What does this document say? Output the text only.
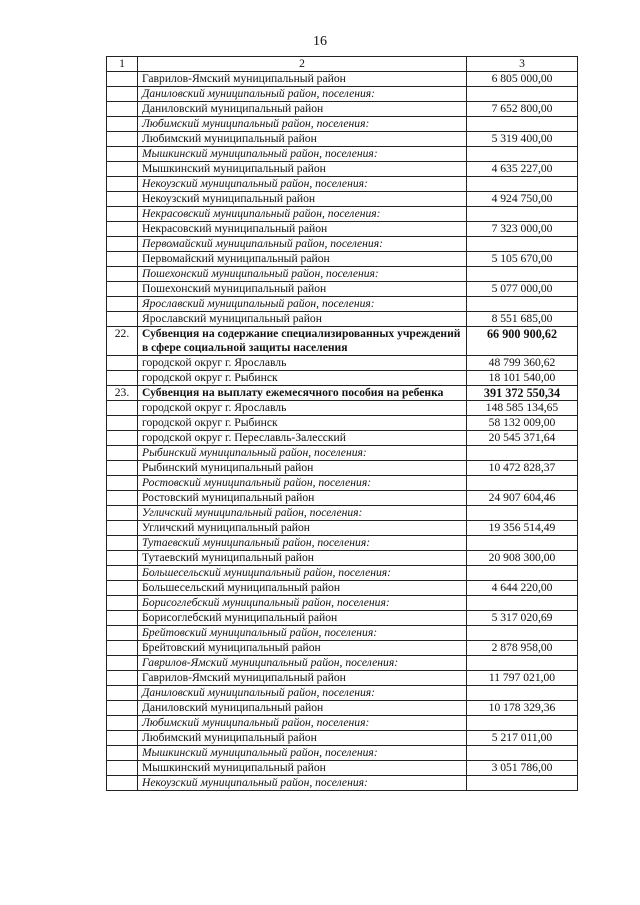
16
1	2	3
	Гаврилов-Ямский муниципальный район	6 805 000,00
	Даниловский муниципальный район, поселения:	
	Даниловский муниципальный район	7 652 800,00
	Любимский муниципальный район, поселения:	
	Любимский муниципальный район	5 319 400,00
	Мышкинский муниципальный район, поселения:	
	Мышкинский муниципальный район	4 635 227,00
	Некоузский муниципальный район, поселения:	
	Некоузский муниципальный район	4 924 750,00
	Некрасовский муниципальный район, поселения:	
	Некрасовский муниципальный район	7 323 000,00
	Первомайский муниципальный район, поселения:	
	Первомайский муниципальный район	5 105 670,00
	Пошехонский муниципальный район, поселения:	
	Пошехонский муниципальный район	5 077 000,00
	Ярославский муниципальный район, поселения:	
	Ярославский муниципальный район	8 551 685,00
22.	Субвенция на содержание специализированных учреждений в сфере социальной защиты населения	66 900 900,62
	городской округ г. Ярославль	48 799 360,62
	городской округ г. Рыбинск	18 101 540,00
23.	Субвенция на выплату ежемесячного пособия на ребенка	391 372 550,34
	городской округ г. Ярославль	148 585 134,65
	городской округ г. Рыбинск	58 132 009,00
	городской округ г. Переславль-Залесский	20 545 371,64
	Рыбинский муниципальный район, поселения:	
	Рыбинский муниципальный район	10 472 828,37
	Ростовский муниципальный район, поселения:	
	Ростовский муниципальный район	24 907 604,46
	Угличский муниципальный район, поселения:	
	Угличский муниципальный район	19 356 514,49
	Тутаевский муниципальный район, поселения:	
	Тутаевский муниципальный район	20 908 300,00
	Большесельский муниципальный район, поселения:	
	Большесельский муниципальный район	4 644 220,00
	Борисоглебский муниципальный район, поселения:	
	Борисоглебский муниципальный район	5 317 020,69
	Брейтовский муниципальный район, поселения:	
	Брейтовский муниципальный район	2 878 958,00
	Гаврилов-Ямский муниципальный район, поселения:	
	Гаврилов-Ямский муниципальный район	11 797 021,00
	Даниловский муниципальный район, поселения:	
	Даниловский муниципальный район	10 178 329,36
	Любимский муниципальный район, поселения:	
	Любимский муниципальный район	5 217 011,00
	Мышкинский муниципальный район, поселения:	
	Мышкинский муниципальный район	3 051 786,00
	Некоузский муниципальный район, поселения:	
